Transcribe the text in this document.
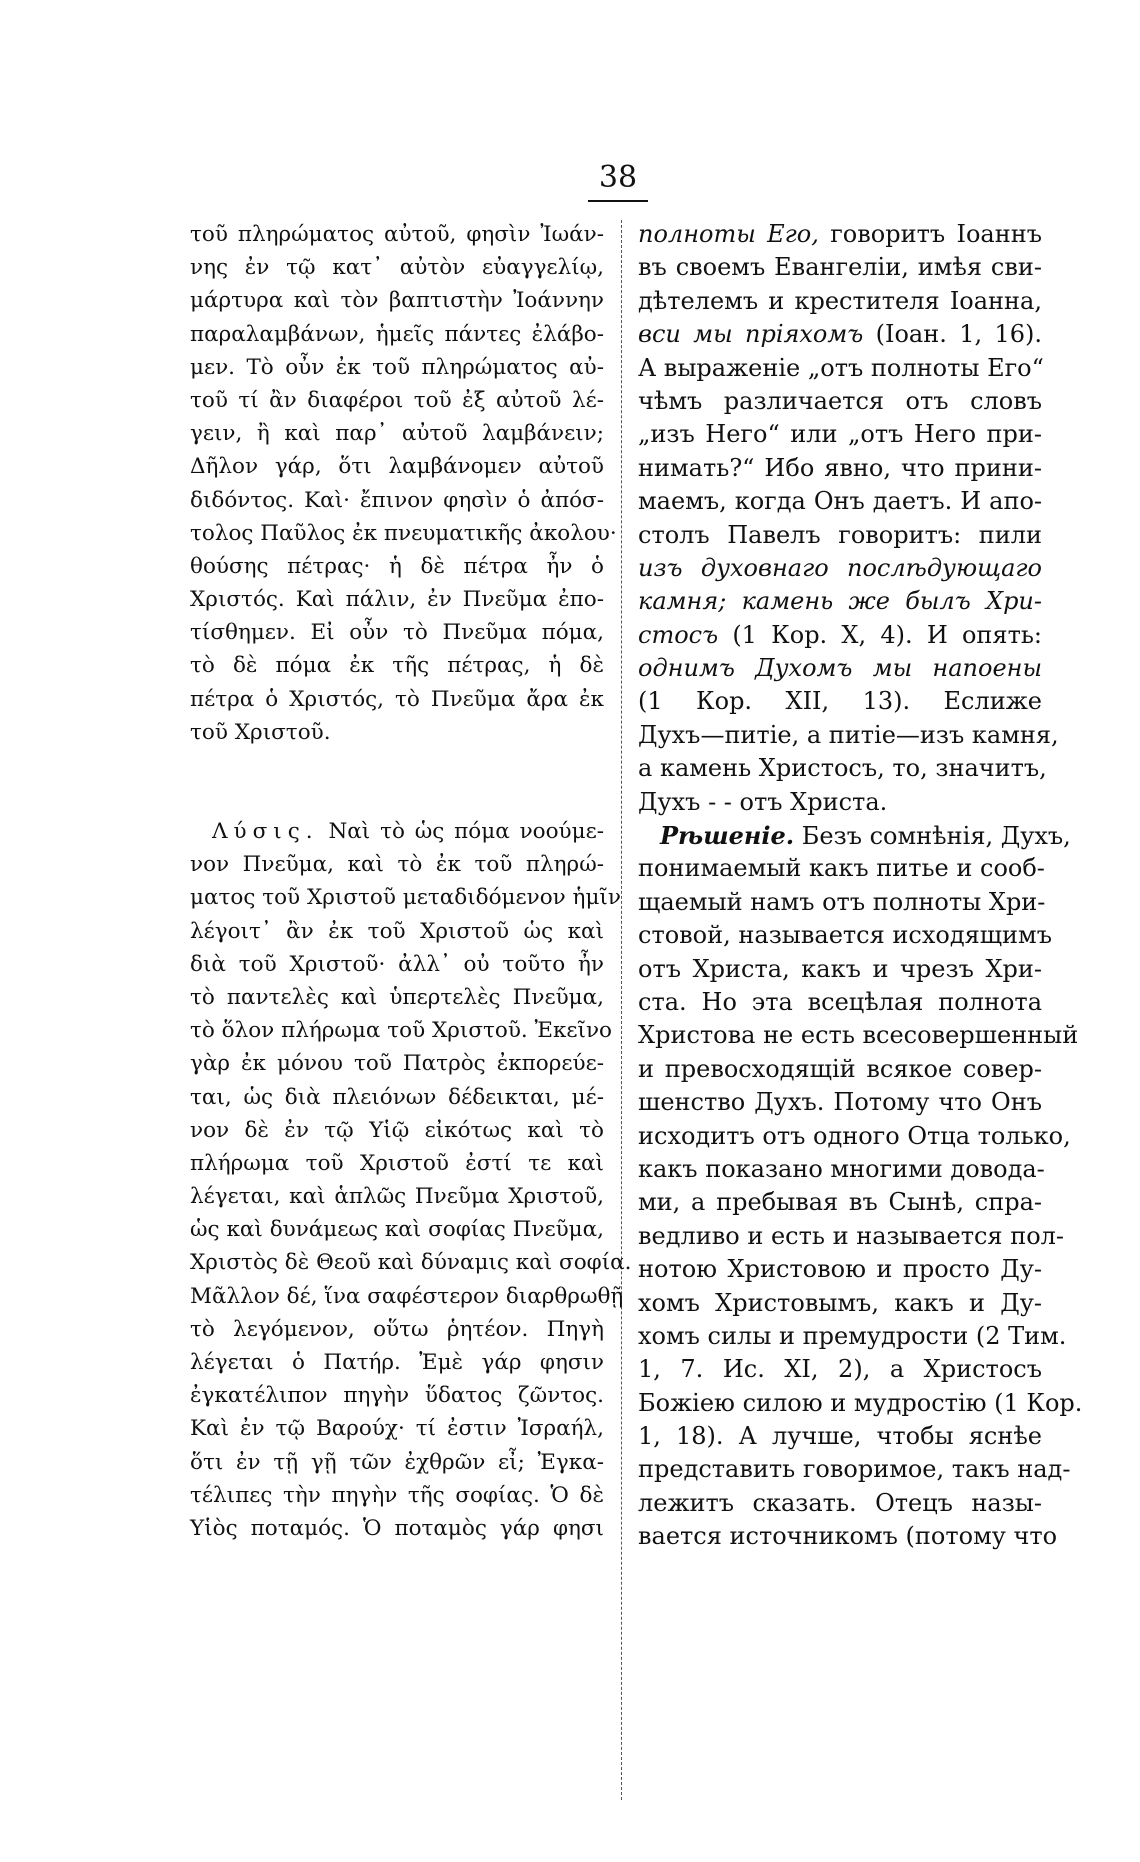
38
τοῦ πληρώματος αὐτοῦ, φησὶν Ἰωάν-
νης ἐν τῷ κατ᾽ αὐτὸν εὐαγγελίῳ,
μάρτυρα καὶ τὸν βαπτιστὴν Ἰοάννην
παραλαμβάνων, ἡμεῖς πάντες ἐλάβο-
μεν. Τὸ οὖν ἐκ τοῦ πληρώματος αὐ-
τοῦ τί ἂν διαφέροι τοῦ ἐξ αὐτοῦ λέ-
γειν, ἢ καὶ παρ᾽ αὐτοῦ λαμβάνειν;
Δῆλον γάρ, ὅτι λαμβάνομεν αὐτοῦ
διδόντος. Καὶ· ἔπινον φησὶν ὁ ἀπόσ-
τολος Παῦλος ἐκ πνευματικῆς ἀκολου·
θούσης πέτρας· ἡ δὲ πέτρα ἦν ὁ
Χριστός. Καὶ πάλιν, ἐν Πνεῦμα ἐπο-
τίσθημεν. Εἰ οὖν τὸ Πνεῦμα πόμα,
τὸ δὲ πόμα ἐκ τῆς πέτρας, ἡ δὲ
πέτρα ὁ Χριστός, τὸ Πνεῦμα ἄρα ἐκ
τοῦ Χριστοῦ.
Λύσις. Ναὶ τὸ ὡς πόμα νοούμε-
νον Πνεῦμα, καὶ τὸ ἐκ τοῦ πληρώ-
ματος τοῦ Χριστοῦ μεταδιδόμενον ἡμῖν
λέγοιτ᾽ ἂν ἐκ τοῦ Χριστοῦ ὡς καὶ
διὰ τοῦ Χριστοῦ· ἀλλ᾽ οὐ τοῦτο ἦν
τὸ παντελὲς καὶ ὑπερτελὲς Πνεῦμα,
τὸ ὅλον πλήρωμα τοῦ Χριστοῦ. Ἐκεῖνο
γὰρ ἐκ μόνου τοῦ Πατρὸς ἐκπορεύε-
ται, ὡς διὰ πλειόνων δέδεικται, μέ-
νον δὲ ἐν τῷ Υἱῷ εἰκότως καὶ τὸ
πλήρωμα τοῦ Χριστοῦ ἐστί τε καὶ
λέγεται, καὶ ἁπλῶς Πνεῦμα Χριστοῦ,
ὡς καὶ δυνάμεως καὶ σοφίας Πνεῦμα,
Χριστὸς δὲ Θεοῦ καὶ δύναμις καὶ σοφία.
Μᾶλλον δέ, ἵνα σαφέστερον διαρθρωθῇ
τὸ λεγόμενον, οὕτω ῥητέον. Πηγὴ
λέγεται ὁ Πατήρ. Ἐμὲ γάρ φησιν
ἐγκατέλιπον πηγὴν ὕδατος ζῶντος.
Καὶ ἐν τῷ Βαρούχ· τί ἐστιν Ἰσραήλ,
ὅτι ἐν τῇ γῇ τῶν ἐχθρῶν εἶ; Ἐγκα-
τέλιπες τὴν πηγὴν τῆς σοφίας. Ὁ δὲ
Υἱὸς ποταμός. Ὁ ποταμὸς γάρ φησι
полноты Его, говоритъ Іоаннъ
въ своемъ Евангеліи, имѣя сви-
дѣтелемъ и крестителя Іоанна,
вси мы пріяхомъ (Іоан. 1, 16).
А выраженіе „отъ полноты Его“
чѣмъ различается отъ словъ
„изъ Него“ или „отъ Него при-
нимать?“ Ибо явно, что прини-
маемъ, когда Онъ даетъ. И апо-
столъ Павелъ говоритъ: пили
изъ духовнаго послѣдующаго
камня; камень же былъ Хри-
стосъ (1 Кор. X, 4). И опять:
однимъ Духомъ мы напоены
(1 Кор. XII, 13). Еслиже
Духъ—питіе, а питіе—изъ камня,
а камень Христосъ, то, значитъ,
Духъ - - отъ Христа.
Рѣшеніе. Безъ сомнѣнія, Духъ,
понимаемый какъ питье и сооб-
щаемый намъ отъ полноты Хри-
стовой, называется исходящимъ
отъ Христа, какъ и чрезъ Хри-
ста. Но эта всецѣлая полнота
Христова не есть всесовершенный
и превосходящій всякое совер-
шенство Духъ. Потому что Онъ
исходитъ отъ одного Отца только,
какъ показано многими довода-
ми, а пребывая въ Сынѣ, спра-
ведливо и есть и называется пол-
нотою Христовою и просто Ду-
хомъ Христовымъ, какъ и Ду-
хомъ силы и премудрости (2 Тим.
1, 7. Ис. XI, 2), а Христосъ
Божіею силою и мудростію (1 Кор.
1, 18). А лучше, чтобы яснѣе
представить говоримое, такъ над-
лежитъ сказать. Отецъ назы-
вается источникомъ (потому что
